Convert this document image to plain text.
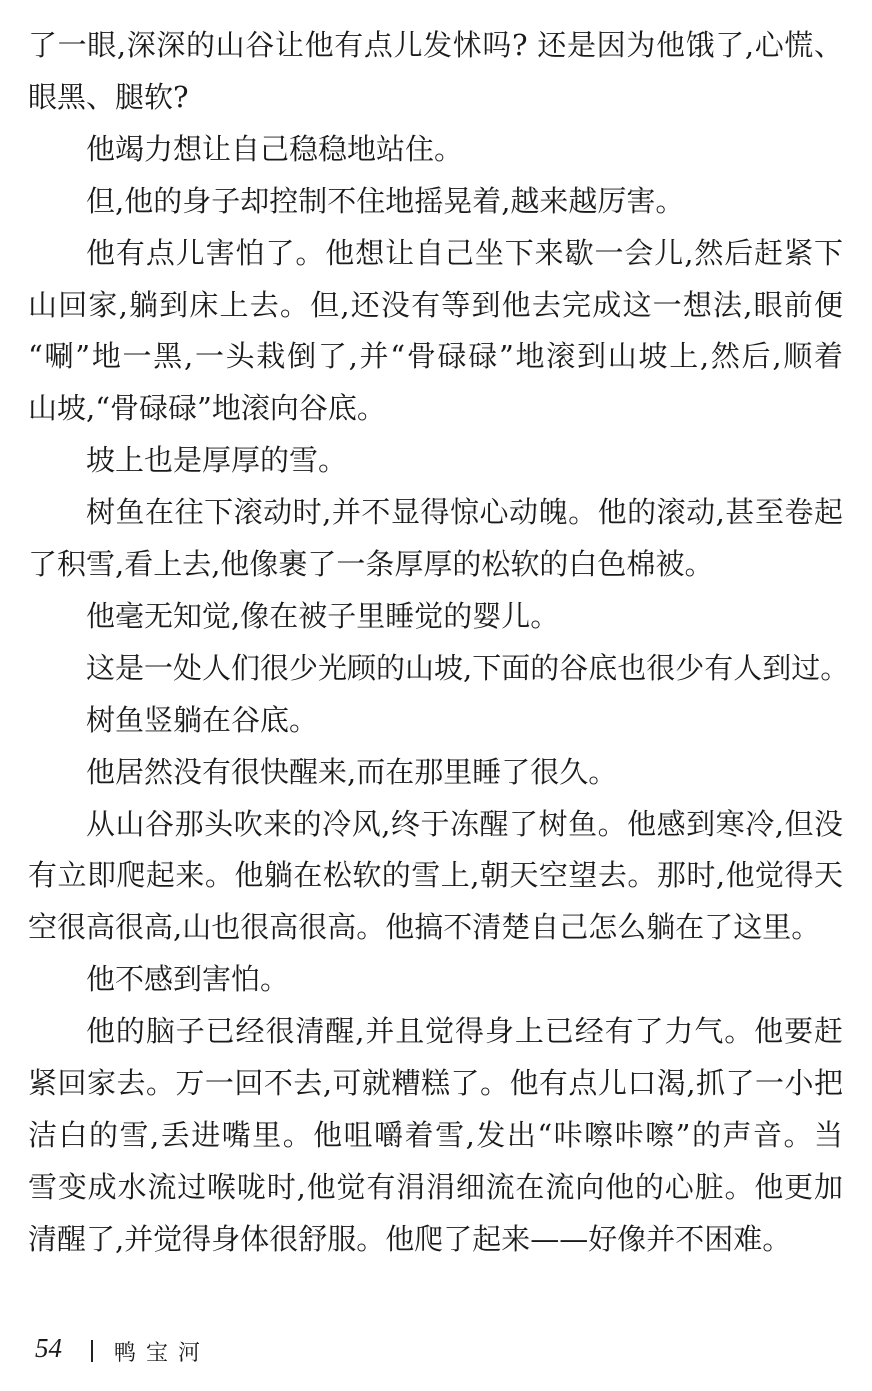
了一眼,深深的山谷让他有点儿发怵吗? 还是因为他饿了,心慌、
眼黑、腿软?
他竭力想让自己稳稳地站住。
但,他的身子却控制不住地摇晃着,越来越厉害。
他有点儿害怕了。他想让自己坐下来歇一会儿,然后赶紧下
山回家,躺到床上去。但,还没有等到他去完成这一想法,眼前便
“唰”地一黑,一头栽倒了,并“骨碌碌”地滚到山坡上,然后,顺着
山坡,“骨碌碌”地滚向谷底。
坡上也是厚厚的雪。
树鱼在往下滚动时,并不显得惊心动魄。他的滚动,甚至卷起
了积雪,看上去,他像裹了一条厚厚的松软的白色棉被。
他毫无知觉,像在被子里睡觉的婴儿。
这是一处人们很少光顾的山坡,下面的谷底也很少有人到过。
树鱼竖躺在谷底。
他居然没有很快醒来,而在那里睡了很久。
从山谷那头吹来的冷风,终于冻醒了树鱼。他感到寒冷,但没
有立即爬起来。他躺在松软的雪上,朝天空望去。那时,他觉得天
空很高很高,山也很高很高。他搞不清楚自己怎么躺在了这里。
他不感到害怕。
他的脑子已经很清醒,并且觉得身上已经有了力气。他要赶
紧回家去。万一回不去,可就糟糕了。他有点儿口渴,抓了一小把
洁白的雪,丢进嘴里。他咀嚼着雪,发出“咔嚓咔嚓”的声音。当
雪变成水流过喉咙时,他觉有涓涓细流在流向他的心脏。他更加
清醒了,并觉得身体很舒服。他爬了起来——好像并不困难。
54 鸭宝河
